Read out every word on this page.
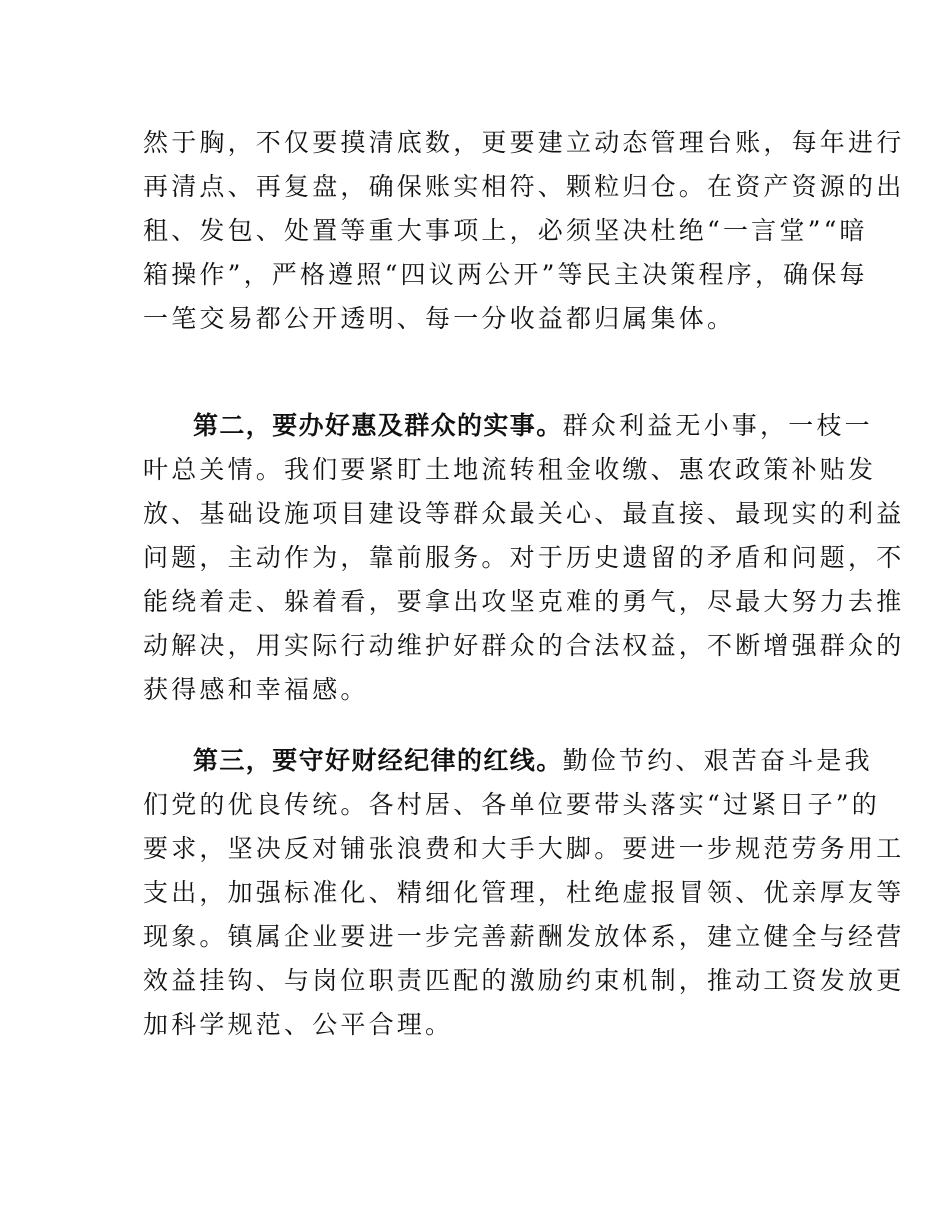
然于胸，不仅要摸清底数，更要建立动态管理台账，每年进行
再清点、再复盘，确保账实相符、颗粒归仓。在资产资源的出
租、发包、处置等重大事项上，必须坚决杜绝“一言堂”“暗
箱操作”，严格遵照“四议两公开”等民主决策程序，确保每
一笔交易都公开透明、每一分收益都归属集体。
第二，要办好惠及群众的实事。群众利益无小事，一枝一
叶总关情。我们要紧盯土地流转租金收缴、惠农政策补贴发
放、基础设施项目建设等群众最关心、最直接、最现实的利益
问题，主动作为，靠前服务。对于历史遗留的矛盾和问题，不
能绕着走、躲着看，要拿出攻坚克难的勇气，尽最大努力去推
动解决，用实际行动维护好群众的合法权益，不断增强群众的
获得感和幸福感。
第三，要守好财经纪律的红线。勤俭节约、艰苦奋斗是我
们党的优良传统。各村居、各单位要带头落实“过紧日子”的
要求，坚决反对铺张浪费和大手大脚。要进一步规范劳务用工
支出，加强标准化、精细化管理，杜绝虚报冒领、优亲厚友等
现象。镇属企业要进一步完善薪酬发放体系，建立健全与经营
效益挂钩、与岗位职责匹配的激励约束机制，推动工资发放更
加科学规范、公平合理。
